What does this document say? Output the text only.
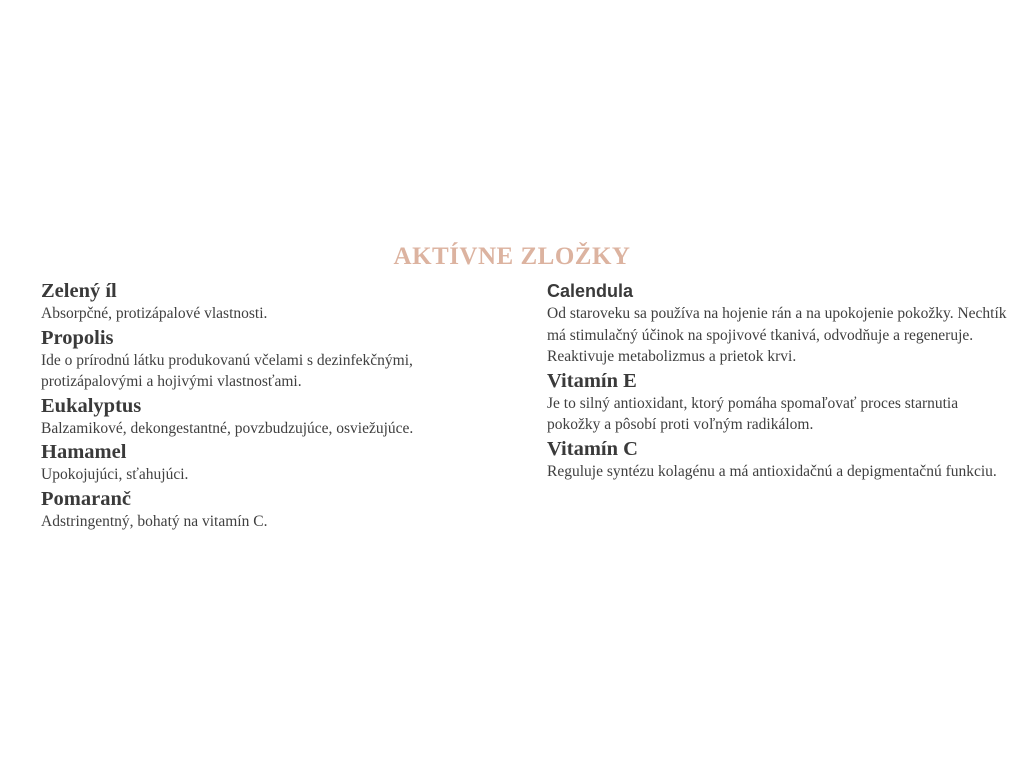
AKTÍVNE ZLOŽKY

Zelený íl

Absorpčné, protizápalové vlastnosti.

Propolis

Ide o prírodnú látku produkovanú včelami s dezinfekčnými, protizápalovými a hojivými vlastnosťami.

Eukalyptus

Balzamikové, dekongestantné, povzbudzujúce, osviežujúce.

Hamamel

Upokojujúci, sťahujúci.

Pomaranč

Adstringentný, bohatý na vitamín C.

Calendula

Od staroveku sa používa na hojenie rán a na upokojenie pokožky. Nechtík má stimulačný účinok na spojivové tkanivá, odvodňuje a regeneruje. Reaktivuje metabolizmus a prietok krvi.

Vitamín E

Je to silný antioxidant, ktorý pomáha spomaľovať proces starnutia pokožky a pôsobí proti voľným radikálom.

Vitamín C

Reguluje syntézu kolagénu a má antioxidačnú a depigmentačnú funkciu.
